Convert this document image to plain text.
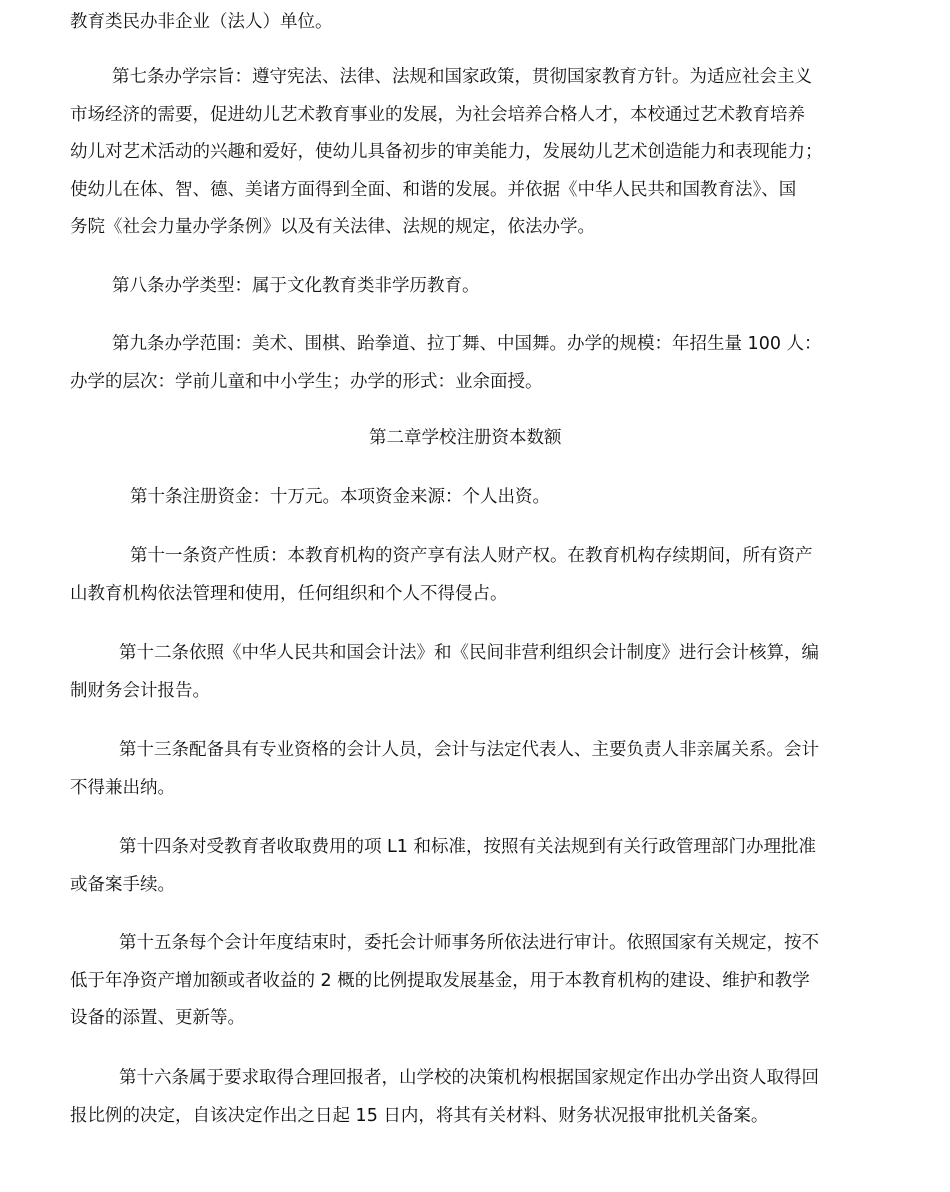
教育类民办非企业（法人）单位。
第七条办学宗旨：遵守宪法、法律、法规和国家政策，贯彻国家教育方针。为适应社会主义
市场经济的需要，促进幼儿艺术教育事业的发展，为社会培养合格人才，本校通过艺术教育培养
幼儿对艺术活动的兴趣和爱好，使幼儿具备初步的审美能力，发展幼儿艺术创造能力和表现能力；
使幼儿在体、智、德、美诸方面得到全面、和谐的发展。并依据《中华人民共和国教育法》、国
务院《社会力量办学条例》以及有关法律、法规的规定，依法办学。
第八条办学类型：属于文化教育类非学历教育。
第九条办学范围：美术、围棋、跆拳道、拉丁舞、中国舞。办学的规模：年招生量 100 人：
办学的层次：学前儿童和中小学生；办学的形式：业余面授。
第二章学校注册资本数额
第十条注册资金：十万元。本项资金来源：个人出资。
第十一条资产性质：本教育机构的资产享有法人财产权。在教育机构存续期间，所有资产
山教育机构依法管理和使用，任何组织和个人不得侵占。
第十二条依照《中华人民共和国会计法》和《民间非营利组织会计制度》进行会计核算，编
制财务会计报告。
第十三条配备具有专业资格的会计人员，会计与法定代表人、主要负责人非亲属关系。会计
不得兼出纳。
第十四条对受教育者收取费用的项 L1 和标准，按照有关法规到有关行政管理部门办理批准
或备案手续。
第十五条每个会计年度结束时，委托会计师事务所依法进行审计。依照国家有关规定，按不
低于年净资产增加额或者收益的 2 概的比例提取发展基金，用于本教育机构的建设、维护和教学
设备的添置、更新等。
第十六条属于要求取得合理回报者，山学校的决策机构根据国家规定作出办学出资人取得回
报比例的决定，自该决定作出之日起 15 日内，将其有关材料、财务状况报审批机关备案。
